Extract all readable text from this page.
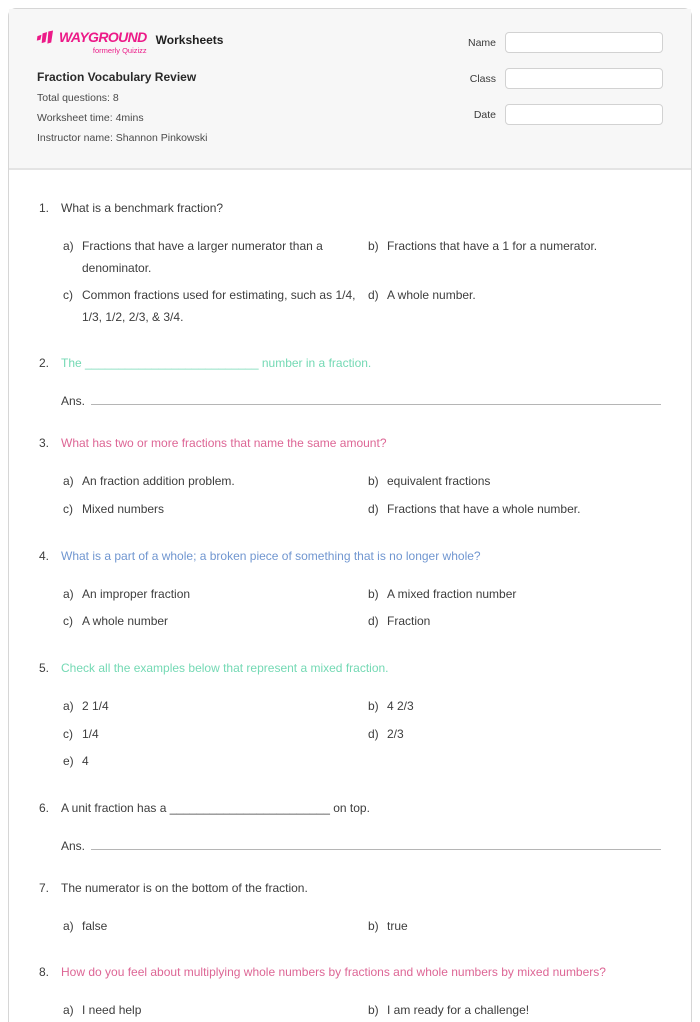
WAYGROUND
formerly Quizizz
Worksheets
Fraction Vocabulary Review
Total questions: 8
Worksheet time: 4mins
Instructor name: Shannon Pinkowski
Name
Class
Date
1. What is a benchmark fraction?
a) Fractions that have a larger numerator than a denominator.
b) Fractions that have a 1 for a numerator.
c) Common fractions used for estimating, such as 1/4, 1/3, 1/2, 2/3, & 3/4.
d) A whole number.
2. The __________________________ number in a fraction.
Ans.
3. What has two or more fractions that name the same amount?
a) An fraction addition problem.	b) equivalent fractions
c) Mixed numbers	d) Fractions that have a whole number.
4. What is a part of a whole; a broken piece of something that is no longer whole?
a) An improper fraction	b) A mixed fraction number
c) A whole number	d) Fraction
5. Check all the examples below that represent a mixed fraction.
a) 2 1/4	b) 4 2/3
c) 1/4	d) 2/3
e) 4
6. A unit fraction has a ________________________ on top.
Ans.
7. The numerator is on the bottom of the fraction.
a) false	b) true
8. How do you feel about multiplying whole numbers by fractions and whole numbers by mixed numbers?
a) I need help	b) I am ready for a challenge!
